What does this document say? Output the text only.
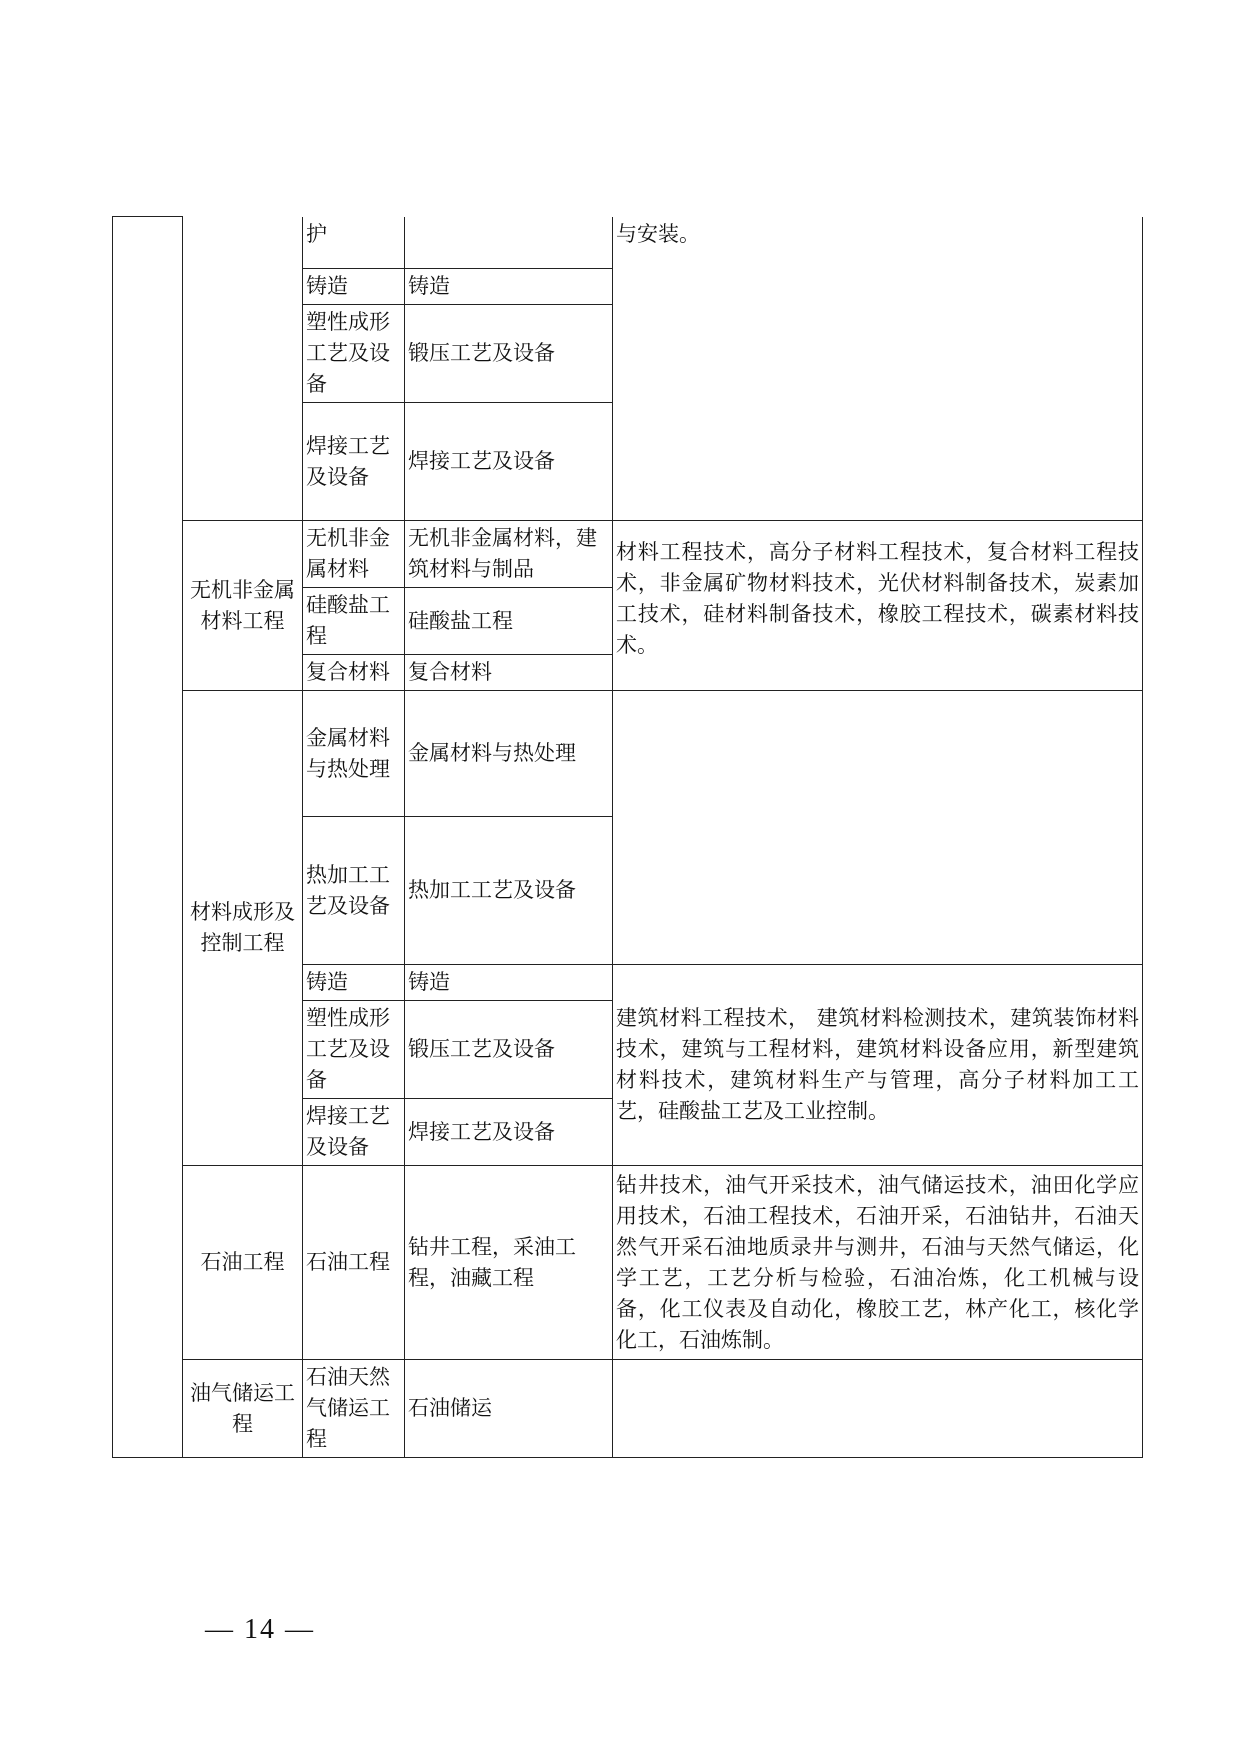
		护		与安装。
		铸造	铸造	
		塑性成形工艺及设备	锻压工艺及设备	
		焊接工艺及设备	焊接工艺及设备	
	无机非金属材料工程	无机非金属材料	无机非金属材料，建筑材料与制品	材料工程技术，高分子材料工程技术，复合材料工程技术，非金属矿物材料技术，光伏材料制备技术，炭素加工技术，硅材料制备技术，橡胶工程技术，碳素材料技术。
		硅酸盐工程	硅酸盐工程	
		复合材料	复合材料	
	材料成形及控制工程	金属材料与热处理	金属材料与热处理	
		热加工工艺及设备	热加工工艺及设备	
		铸造	铸造	建筑材料工程技术， 建筑材料检测技术，建筑装饰材料技术，建筑与工程材料，建筑材料设备应用，新型建筑材料技术，建筑材料生产与管理，高分子材料加工工艺，硅酸盐工艺及工业控制。
		塑性成形工艺及设备	锻压工艺及设备	
		焊接工艺及设备	焊接工艺及设备	
	石油工程	石油工程	钻井工程，采油工程，油藏工程	钻井技术，油气开采技术，油气储运技术，油田化学应用技术，石油工程技术，石油开采，石油钻井，石油天然气开采石油地质录井与测井，石油与天然气储运，化学工艺，工艺分析与检验，石油冶炼，化工机械与设备，化工仪表及自动化，橡胶工艺，林产化工，核化学化工，石油炼制。
	油气储运工程	石油天然气储运工程	石油储运	
— 14 —
